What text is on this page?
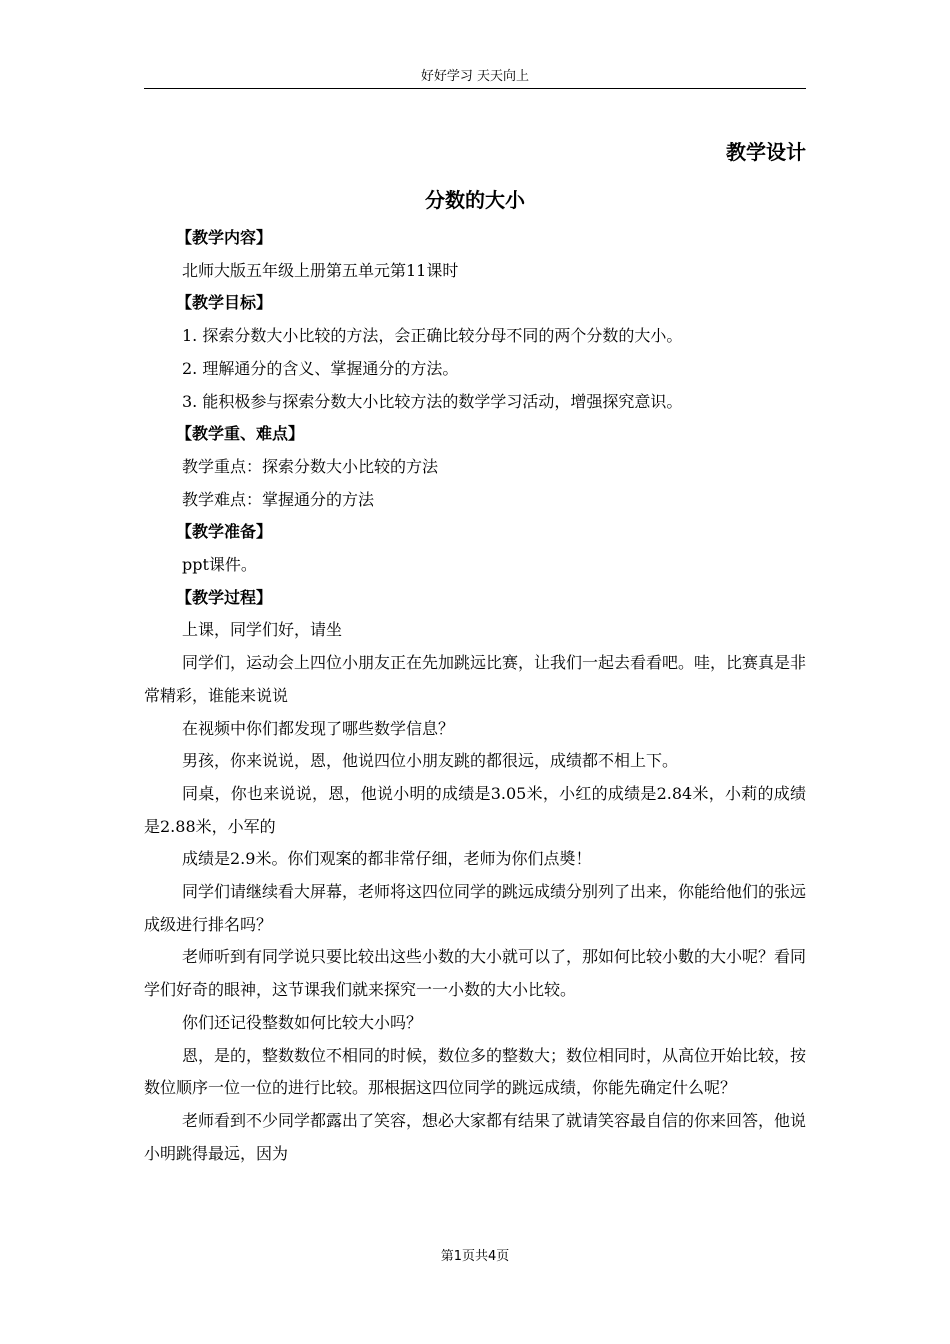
好好学习 天天向上
教学设计
分数的大小

【教学内容】

北师大版五年级上册第五单元第11课时

【教学目标】

1. 探索分数大小比较的方法，会正确比较分母不同的两个分数的大小。

2. 理解通分的含义、掌握通分的方法。

3. 能积极参与探索分数大小比较方法的数学学习活动，增强探究意识。

【教学重、难点】

教学重点：探索分数大小比较的方法

教学难点：掌握通分的方法

【教学准备】

ppt课件。

【教学过程】

上课，同学们好，请坐

同学们，运动会上四位小朋友正在先加跳远比赛，让我们一起去看看吧。哇，比赛真是非常精彩，谁能来说说

在视频中你们都发现了哪些数学信息？

男孩，你来说说，恩，他说四位小朋友跳的都很远，成绩都不相上下。

同桌，你也来说说，恩，他说小明的成绩是3.05米，小红的成绩是2.84米，小莉的成绩是2.88米，小军的

成绩是2.9米。你们观案的都非常仔细，老师为你们点奬！

同学们请继续看大屏幕，老师将这四位同学的跳远成绩分别列了出来，你能给他们的张远成级进行排名吗？

老师听到有同学说只要比较出这些小数的大小就可以了，那如何比较小數的大小呢？看同学们好奇的眼神，这节课我们就来探究一一小数的大小比较。

你们还记役整数如何比较大小吗？

恩，是的，整数数位不相同的时候，数位多的整数大；数位相同时，从高位开始比较，按数位顺序一位一位的进行比较。那根据这四位同学的跳远成绩，你能先确定什么呢？

老师看到不少同学都露出了笑容，想必大家都有结果了就请笑容最自信的你来回答，他说小明跳得最远，因为

第1页共4页
